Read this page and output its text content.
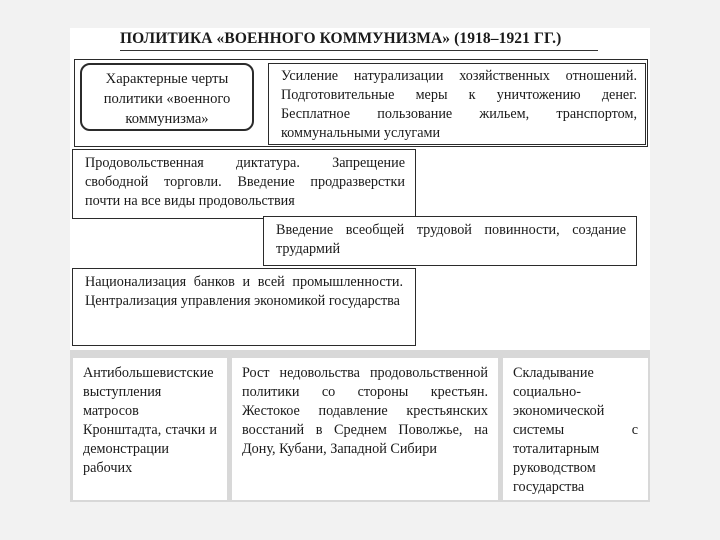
ПОЛИТИКА «ВОЕННОГО КОММУНИЗМА» (1918–1921 ГГ.)
Характерные черты политики «военного коммунизма»
Усиление натурализации хозяйственных отношений. Подготовительные меры к уничтожению денег. Бесплатное пользование жильем, транспортом, коммунальными услугами
Продовольственная диктатура. Запрещение свободной торговли. Введение продразверстки почти на все виды продовольствия
Введение всеобщей трудовой повинности, создание трудармий
Национализация банков и всей промышленности. Централизация управления экономикой государства
Антибольшевистские выступления матросов Кронштадта, стачки и демонстрации рабочих
Рост недовольства продовольственной политики со стороны крестьян. Жестокое подавление крестьянских восстаний в Среднем Поволжье, на Дону, Кубани, Западной Сибири
Складывание социально-экономической системы с тоталитарным руководством государства
